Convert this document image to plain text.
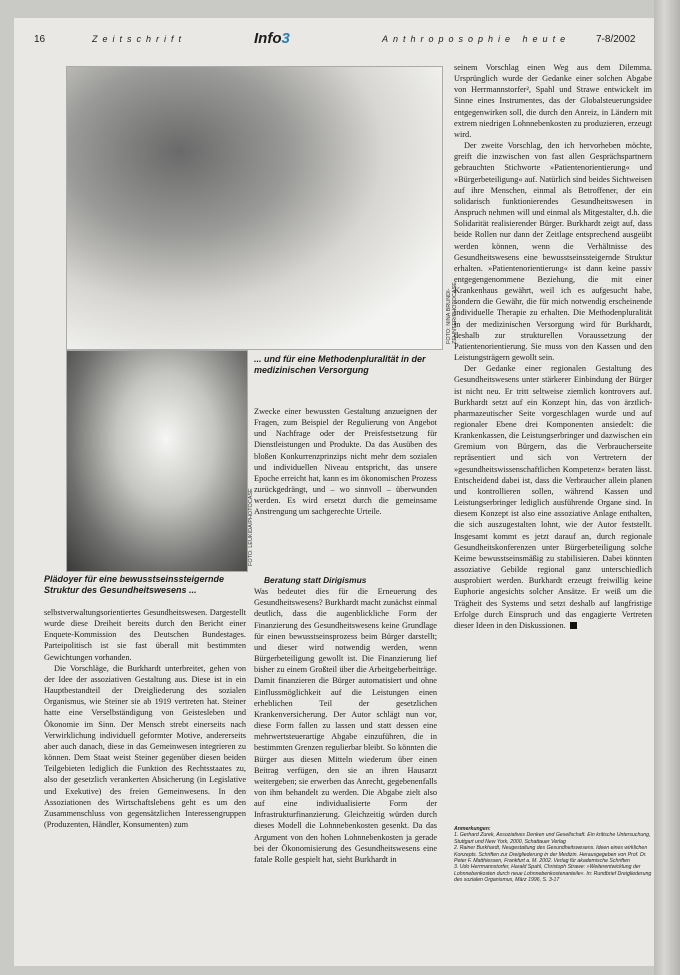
16	Zeitschrift	Info3	Anthroposophie heute	7-8/2002
FOTO: NINA BRUNDI-ZEHNTER/PHOTOCASE
FOTO: LEUKIDA/PHOTOCASE
... und für eine Methodenpluralität in der medizinischen Versorgung
Plädoyer für eine bewusstseinssteigernde Struktur des Gesundheitswesens ...

Zwecke einer bewussten Gestaltung anzueignen der Fragen, zum Beispiel der Regulierung von Angebot und Nachfrage oder der Preisfestsetzung für Dienstleistungen und Produkte. Da das Ausüben des bloßen Konkurrenzprinzips nicht mehr dem sozialen und individuellen Niveau entspricht, das unsere Epoche erreicht hat, kann es im ökonomischen Prozess zurückgedrängt, und – wo sinnvoll – überwunden werden. Es wird ersetzt durch die gemeinsame Anstrengung um sachgerechte Urteile.

Beratung statt Dirigismus

Was bedeutet dies für die Erneuerung des Gesundheitswesens? Burkhardt macht zunächst einmal deutlich, dass die augenblickliche Form der Finanzierung des Gesundheitswesens keine Grundlage für einen bewusstseinsprozess beim Bürger darstellt; und dieser wird notwendig werden, wenn Bürgerbeteiligung gewollt ist. Die Finanzierung lief bisher zu einem Großteil über die Arbeitgeberbeiträge. Damit finanzieren die Bürger automatisiert und ohne Einflussmöglichkeit auf die Leistungen einen erheblichen Teil der gesetzlichen Krankenversicherung. Der Autor schlägt nun vor, diese Form fallen zu lassen und statt dessen eine mehrwertsteuerartige Abgabe einzuführen, die in bestimmten Grenzen regulierbar bleibt. So könnten die Bürger aus diesen Mitteln wiederum über einen Beitrag verfügen, den sie an ihren Hausarzt weitergeben; sie erwerben das Anrecht, gegebenenfalls von ihm behandelt zu werden. Die Abgabe zielt also auf eine individualisierte Form der Infrastrukturfinanzierung. Gleichzeitig würden durch dieses Modell die Lohnnebenkosten gesenkt. Da das Argument von den hohen Lohnnebenkosten ja gerade bei der Ökonomisierung des Gesundheitswesens eine fatale Rolle gespielt hat, sieht Burkhardt in

selbstverwaltungsorientiertes Gesundheitswesen. Dargestellt wurde diese Dreiheit bereits durch den Bericht einer Enquete-Kommission des Deutschen Bundestages. Parteipolitisch ist sie fast überall mit bestimmten Gewichtungen vorhanden.

Die Vorschläge, die Burkhardt unterbreitet, gehen von der Idee der assoziativen Gestaltung aus. Diese ist in ein Hauptbestandteil der Dreigliederung des sozialen Organismus, wie Steiner sie ab 1919 vertreten hat. Steiner hatte eine Verselbständigung von Geistesleben und Ökonomie im Sinn. Der Mensch strebt einerseits nach Verwirklichung individuell geformter Motive, andererseits aber auch danach, diese in das Gemeinwesen integrieren zu können. Dem Staat weist Steiner gegenüber diesen beiden Teilgebieten lediglich die Funktion des Rechtsstaates zu, also der gesetzlich verankerten Absicherung (in Legislative und Exekutive) des freien Gemeinwesens. In den Assoziationen des Wirtschaftslebens geht es um den Zusammenschluss von gegensätzlichen Interessengruppen (Produzenten, Händler, Konsumenten) zum

seinem Vorschlag einen Weg aus dem Dilemma. Ursprünglich wurde der Gedanke einer solchen Abgabe von Herrmannstorfer², Spahl und Strawe entwickelt im Sinne eines Instrumentes, das der Globalsteuerungsidee entgegenwirken soll, die durch den Anreiz, in Ländern mit extrem niedrigen Lohnnebenkosten zu produzieren, erzeugt wird.

Der zweite Vorschlag, den ich hervorheben möchte, greift die inzwischen von fast allen Gesprächspartnern gebrauchten Stichworte »Patientenorientierung« und »Bürgerbeteiligung« auf. Natürlich sind beides Sichtweisen auf ihre Menschen, einmal als Betroffener, der ein solidarisch funktionierendes Gesundheitswesen in Anspruch nehmen will und einmal als Mitgestalter, d.h. die Solidarität realisierender Bürger. Burkhardt zeigt auf, dass beide Rollen nur dann der Zeitlage entsprechend ausgeübt werden können, wenn die Verhältnisse des Gesundheitswesens eine bewusstseinssteigernde Struktur erhalten. »Patientenorientierung« ist dann keine passiv entgegengenommene Beziehung, die mit einer Krankenhaus gewährt, weil ich es aufgesucht habe, sondern die Gewähr, die für mich notwendig erscheinende individuelle Therapie zu erhalten. Die Methodenpluralität in der medizinischen Versorgung wird für Burkhardt, deshalb zur strukturellen Voraussetzung der Patientenorientierung. Sie muss von den Kassen und den Leistungsträgern gewollt sein.

Der Gedanke einer regionalen Gestaltung des Gesundheitswesens unter stärkerer Einbindung der Bürger ist nicht neu. Er tritt seltweise ziemlich kontrovers auf. Burkhardt setzt auf ein Konzept hin, das von ärztlich-pharmazeutischer Seite vorgeschlagen wurde und auf regionaler Ebene drei Komponenten ansiedelt: die Krankenkassen, die Leistungserbringer und dazwischen ein Gremium von Bürgern, das die Verbraucherseite repräsentiert und sich von Vertretern der »gesundheitswissenschaftlichen Kompetenz« beraten lässt. Entscheidend dabei ist, dass die Verbraucher allein planen und kontrollieren sollen, während Kassen und Leistungserbringer lediglich ausführende Organe sind. In diesem Konzept ist also eine assoziative Anlage enthalten, die sich auszugestalten lohnt, wie der Autor feststellt. Insgesamt kommt es jetzt darauf an, durch regionale Gesundheitskonferenzen unter Bürgerbeteiligung solche Keime bewusstseinsmäßig zu stabilisieren. Dabei könnten assoziative Gebilde regional ganz unterschiedlich ausprobiert werden. Burkhardt erzeugt freiwillig keine Euphorie angesichts solcher Ansätze. Er weiß um die Trägheit des Systems und setzt deshalb auf langfristige Erfolge durch Einspruch und das engagierte Vertreten dieser Ideen in den Diskussionen.

Anmerkungen:
1. Gerhard Zurek, Assoziatives Denken und Gesellschaft. Ein kritische Untersuchung, Stuttgart und New York, 2000, Schattauer Verlag
2. Rainer Burkhardt, Neugestaltung des Gesundheitswesens. Ideen eines wirklichen Konzepts. Schriften zur Dreigliederung in der Medizin. Herausgegeben von Prof. Dr. Peter F. Matthiessen, Frankfurt a. M. 2002. Verlag für akademische Schriften
3. Udo Herrmannstorfer, Harald Spahl, Christoph Strawe: »Weiterentwicklung der Lohnnebenkosten durch neue Lohnnebenkostenanteile«. In: Rundbrief Dreigliederung des sozialen Organismus, März 1996, S. 3-17
